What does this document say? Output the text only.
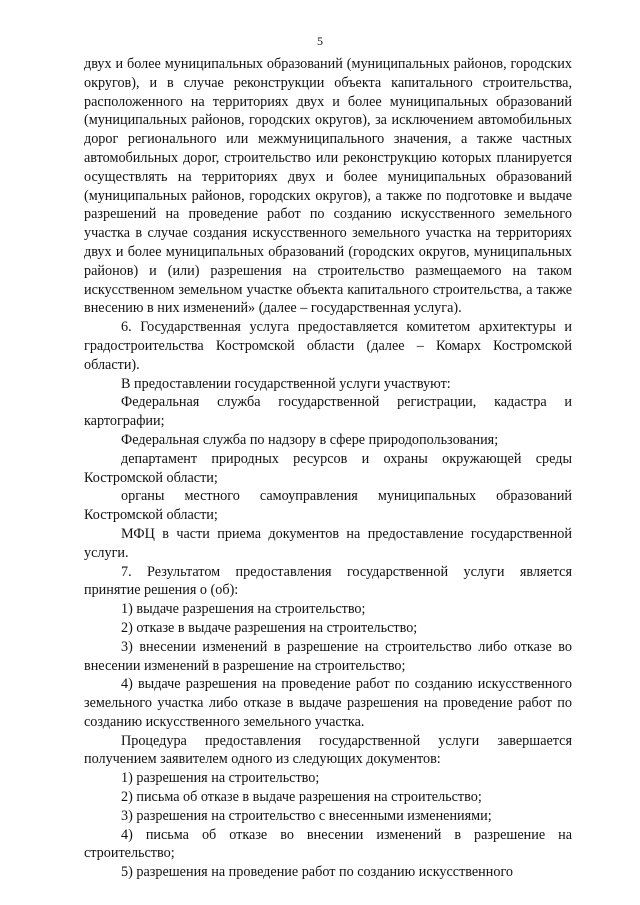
5

двух и более муниципальных образований (муниципальных районов, городских округов), и в случае реконструкции объекта капитального строительства, расположенного на территориях двух и более муниципальных образований (муниципальных районов, городских округов), за исключением автомобильных дорог регионального или межмуниципального значения, а также частных автомобильных дорог, строительство или реконструкцию которых планируется осуществлять на территориях двух и более муниципальных образований (муниципальных районов, городских округов), а также по подготовке и выдаче разрешений на проведение работ по созданию искусственного земельного участка в случае создания искусственного земельного участка на территориях двух и более муниципальных образований (городских округов, муниципальных районов) и (или) разрешения на строительство размещаемого на таком искусственном земельном участке объекта капитального строительства, а также внесению в них изменений» (далее – государственная услуга).

6. Государственная услуга предоставляется комитетом архитектуры и градостроительства Костромской области (далее – Комарх Костромской области).

В предоставлении государственной услуги участвуют:

Федеральная служба государственной регистрации, кадастра и картографии;

Федеральная служба по надзору в сфере природопользования;

департамент природных ресурсов и охраны окружающей среды Костромской области;

органы местного самоуправления муниципальных образований Костромской области;

МФЦ в части приема документов на предоставление государственной услуги.

7. Результатом предоставления государственной услуги является принятие решения о (об):

1) выдаче разрешения на строительство;

2) отказе в выдаче разрешения на строительство;

3) внесении изменений в разрешение на строительство либо отказе во внесении изменений в разрешение на строительство;

4) выдаче разрешения на проведение работ по созданию искусственного земельного участка либо отказе в выдаче разрешения на проведение работ по созданию искусственного земельного участка.

Процедура предоставления государственной услуги завершается получением заявителем одного из следующих документов:

1) разрешения на строительство;

2) письма об отказе в выдаче разрешения на строительство;

3) разрешения на строительство с внесенными изменениями;

4) письма об отказе во внесении изменений в разрешение на строительство;

5) разрешения на проведение работ по созданию искусственного
